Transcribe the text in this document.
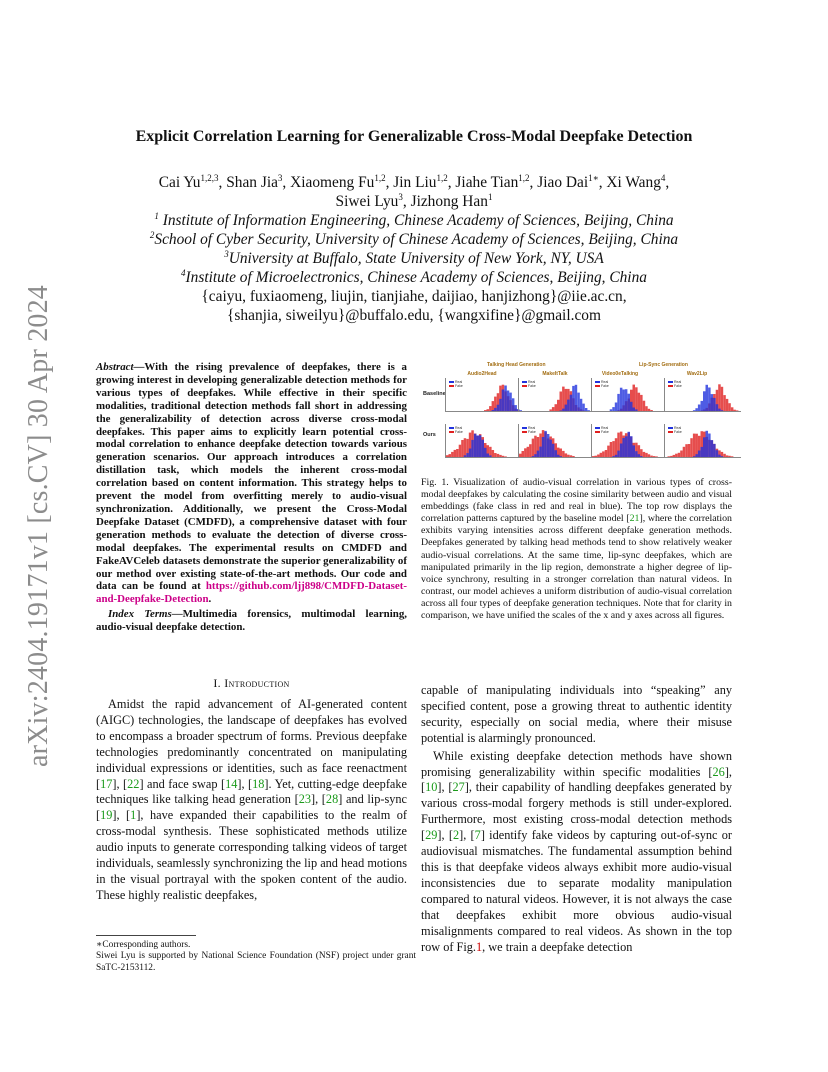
arXiv:2404.19171v1 [cs.CV] 30 Apr 2024
Explicit Correlation Learning for Generalizable Cross-Modal Deepfake Detection
Cai Yu$^{1,2,3}$, Shan Jia$^3$, Xiaomeng Fu$^{1,2}$, Jin Liu$^{1,2}$, Jiahe Tian$^{1,2}$, Jiao Dai$^{1∗}$, Xi Wang$^4$,
Siwei Lyu$^3$, Jizhong Han$^1$
$^1$ Institute of Information Engineering, Chinese Academy of Sciences, Beijing, China
$^2$School of Cyber Security, University of Chinese Academy of Sciences, Beijing, China
$^3$University at Buffalo, State University of New York, NY, USA
$^4$Institute of Microelectronics, Chinese Academy of Sciences, Beijing, China
{caiyu, fuxiaomeng, liujin, tianjiahe, daijiao, hanjizhong}@iie.ac.cn,
{shanjia, siweilyu}@buffalo.edu, {wangxifine}@gmail.com
Abstract—With the rising prevalence of deepfakes, there is a growing interest in developing generalizable detection methods for various types of deepfakes. While effective in their specific modalities, traditional detection methods fall short in addressing the generalizability of detection across diverse cross-modal deepfakes. This paper aims to explicitly learn potential cross-modal correlation to enhance deepfake detection towards various generation scenarios. Our approach introduces a correlation distillation task, which models the inherent cross-modal correlation based on content information. This strategy helps to prevent the model from overfitting merely to audio-visual synchronization. Additionally, we present the Cross-Modal Deepfake Dataset (CMDFD), a comprehensive dataset with four generation methods to evaluate the detection of diverse cross-modal deepfakes. The experimental results on CMDFD and FakeAVCeleb datasets demonstrate the superior generalizability of our method over existing state-of-the-art methods. Our code and data can be found at https://github.com/ljj898/CMDFD-Dataset-and-Deepfake-Detection.
Index Terms—Multimedia forensics, multimodal learning, audio-visual deepfake detection.
I. Introduction
Amidst the rapid advancement of AI-generated content (AIGC) technologies, the landscape of deepfakes has evolved to encompass a broader spectrum of forms. Previous deepfake technologies predominantly concentrated on manipulating individual expressions or identities, such as face reenactment [17], [22] and face swap [14], [18]. Yet, cutting-edge deepfake techniques like talking head generation [23], [28] and lip-sync [19], [1], have expanded their capabilities to the realm of cross-modal synthesis. These sophisticated methods utilize audio inputs to generate corresponding talking videos of target individuals, seamlessly synchronizing the lip and head motions in the visual portrayal with the spoken content of the audio. These highly realistic deepfakes,
∗Corresponding authors.
Siwei Lyu is supported by National Science Foundation (NSF) project under grant SaTC-2153112.
Talking Head Generation	Lip-Sync Generation
Audio2Head	MakeItTalk	Video0eTalking	Wav2Lip
Baseline
Ours
Real
Fake
Real
Fake
Real
Fake
Real
Fake
Real
Fake
Real
Fake
Real
Fake
Real
Fake
Fig. 1. Visualization of audio-visual correlation in various types of cross-modal deepfakes by calculating the cosine similarity between audio and visual embeddings (fake class in red and real in blue). The top row displays the correlation patterns captured by the baseline model [21], where the correlation exhibits varying intensities across different deepfake generation methods. Deepfakes generated by talking head methods tend to show relatively weaker audio-visual correlations. At the same time, lip-sync deepfakes, which are manipulated primarily in the lip region, demonstrate a higher degree of lip-voice synchrony, resulting in a stronger correlation than natural videos. In contrast, our model achieves a uniform distribution of audio-visual correlation across all four types of deepfake generation techniques. Note that for clarity in comparison, we have unified the scales of the x and y axes across all figures.

capable of manipulating individuals into “speaking” any specified content, pose a growing threat to authentic identity security, especially on social media, where their misuse potential is alarmingly pronounced.

While existing deepfake detection methods have shown promising generalizability within specific modalities [26], [10], [27], their capability of handling deepfakes generated by various cross-modal forgery methods is still under-explored. Furthermore, most existing cross-modal detection methods [29], [2], [7] identify fake videos by capturing out-of-sync or audiovisual mismatches. The fundamental assumption behind this is that deepfake videos always exhibit more audio-visual inconsistencies due to separate modality manipulation compared to natural videos. However, it is not always the case that deepfakes exhibit more obvious audio-visual misalignments compared to real videos. As shown in the top row of Fig.1, we train a deepfake detection
